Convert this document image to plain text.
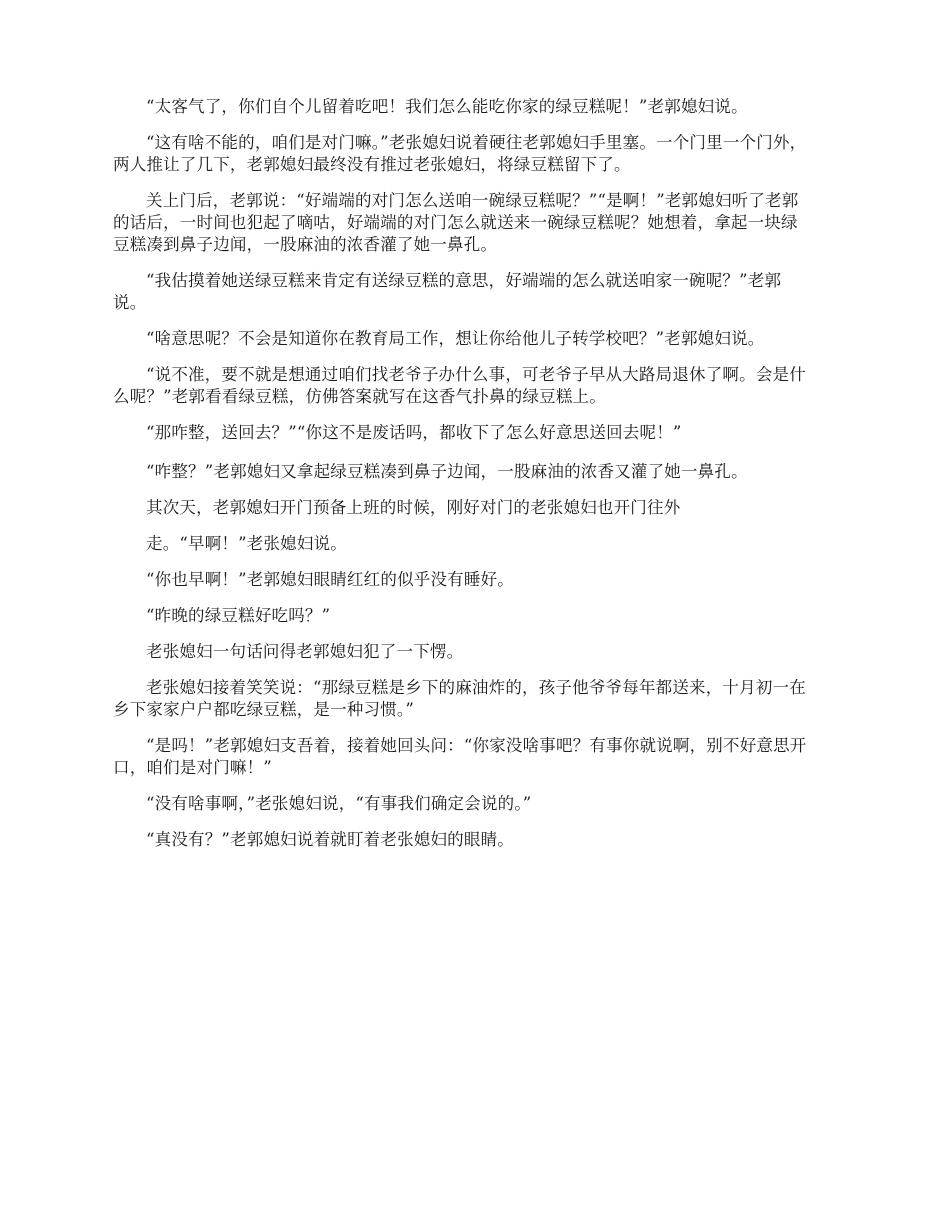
“太客气了，你们自个儿留着吃吧！我们怎么能吃你家的绿豆糕呢！”老郭媳妇说。

“这有啥不能的，咱们是对门嘛。”老张媳妇说着硬往老郭媳妇手里塞。一个门里一个门外，两人推让了几下，老郭媳妇最终没有推过老张媳妇，将绿豆糕留下了。

关上门后，老郭说：“好端端的对门怎么送咱一碗绿豆糕呢？”“是啊！”老郭媳妇听了老郭的话后，一时间也犯起了嘀咕，好端端的对门怎么就送来一碗绿豆糕呢？她想着，拿起一块绿豆糕凑到鼻子边闻，一股麻油的浓香灌了她一鼻孔。

“我估摸着她送绿豆糕来肯定有送绿豆糕的意思，好端端的怎么就送咱家一碗呢？”老郭说。

“啥意思呢？不会是知道你在教育局工作，想让你给他儿子转学校吧？”老郭媳妇说。

“说不准，要不就是想通过咱们找老爷子办什么事，可老爷子早从大路局退休了啊。会是什么呢？”老郭看看绿豆糕，仿佛答案就写在这香气扑鼻的绿豆糕上。

“那咋整，送回去？”“你这不是废话吗，都收下了怎么好意思送回去呢！”

“咋整？”老郭媳妇又拿起绿豆糕凑到鼻子边闻，一股麻油的浓香又灌了她一鼻孔。

其次天，老郭媳妇开门预备上班的时候，刚好对门的老张媳妇也开门往外

走。“早啊！”老张媳妇说。

“你也早啊！”老郭媳妇眼睛红红的似乎没有睡好。

“昨晚的绿豆糕好吃吗？”

老张媳妇一句话问得老郭媳妇犯了一下愣。

老张媳妇接着笑笑说：“那绿豆糕是乡下的麻油炸的，孩子他爷爷每年都送来，十月初一在乡下家家户户都吃绿豆糕，是一种习惯。”

“是吗！”老郭媳妇支吾着，接着她回头问：“你家没啥事吧？有事你就说啊，别不好意思开口，咱们是对门嘛！”

“没有啥事啊，”老张媳妇说，“有事我们确定会说的。”

“真没有？”老郭媳妇说着就盯着老张媳妇的眼睛。
